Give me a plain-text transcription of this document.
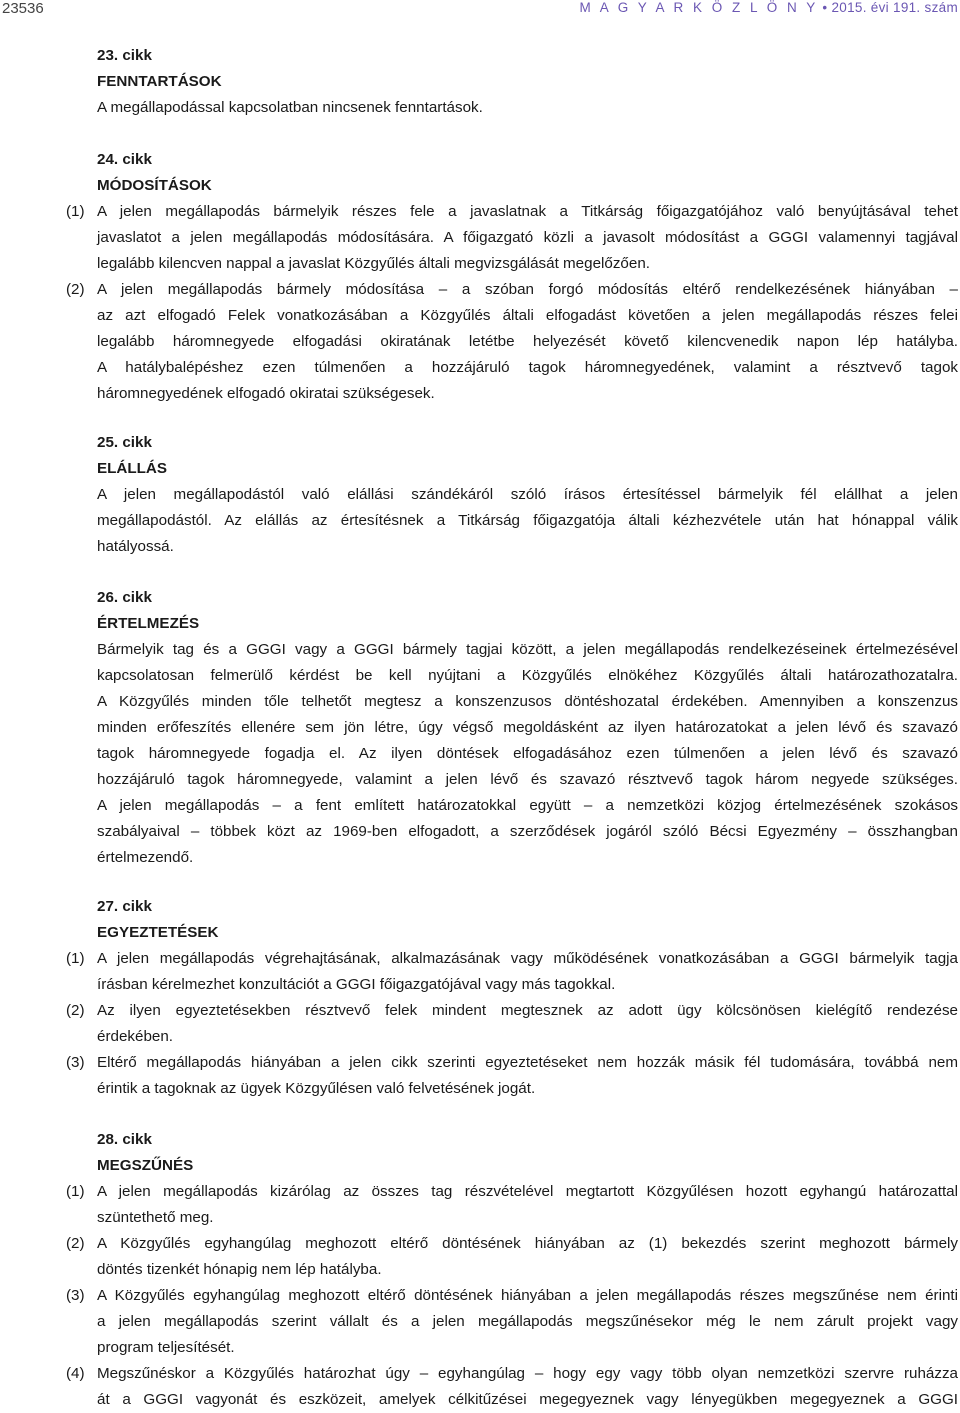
23536	M A G Y A R K Ö Z L Ö N Y • 2015. évi 191. szám
23. cikk
FENNTARTÁSOK
A megállapodással kapcsolatban nincsenek fenntartások.
24. cikk
MÓDOSÍTÁSOK
(1) A jelen megállapodás bármelyik részes fele a javaslatnak a Titkárság főigazgatójához való benyújtásával tehet
javaslatot a jelen megállapodás módosítására. A főigazgató közli a javasolt módosítást a GGGI valamennyi tagjával
legalább kilencven nappal a javaslat Közgyűlés általi megvizsgálását megelőzően.
(2) A jelen megállapodás bármely módosítása – a szóban forgó módosítás eltérő rendelkezésének hiányában –
az azt elfogadó Felek vonatkozásában a Közgyűlés általi elfogadást követően a jelen megállapodás részes felei
legalább háromnegyede elfogadási okiratának letétbe helyezését követő kilencvenedik napon lép hatályba.
A hatálybalépéshez ezen túlmenően a hozzájáruló tagok háromnegyedének, valamint a résztvevő tagok
háromnegyedének elfogadó okiratai szükségesek.
25. cikk
ELÁLLÁS
A jelen megállapodástól való elállási szándékáról szóló írásos értesítéssel bármelyik fél elállhat a jelen
megállapodástól. Az elállás az értesítésnek a Titkárság főigazgatója általi kézhezvétele után hat hónappal válik
hatályossá.
26. cikk
ÉRTELMEZÉS
Bármelyik tag és a GGGI vagy a GGGI bármely tagjai között, a jelen megállapodás rendelkezéseinek értelmezésével
kapcsolatosan felmerülő kérdést be kell nyújtani a Közgyűlés elnökéhez Közgyűlés általi határozathozatalra.
A Közgyűlés minden tőle telhetőt megtesz a konszenzusos döntéshozatal érdekében. Amennyiben a konszenzus
minden erőfeszítés ellenére sem jön létre, úgy végső megoldásként az ilyen határozatokat a jelen lévő és szavazó
tagok háromnegyede fogadja el. Az ilyen döntések elfogadásához ezen túlmenően a jelen lévő és szavazó
hozzájáruló tagok háromnegyede, valamint a jelen lévő és szavazó résztvevő tagok három negyede szükséges.
A jelen megállapodás – a fent említett határozatokkal együtt – a nemzetközi közjog értelmezésének szokásos
szabályaival – többek közt az 1969-ben elfogadott, a szerződések jogáról szóló Bécsi Egyezmény – összhangban
értelmezendő.
27. cikk
EGYEZTETÉSEK
(1) A jelen megállapodás végrehajtásának, alkalmazásának vagy működésének vonatkozásában a GGGI bármelyik tagja
írásban kérelmezhet konzultációt a GGGI főigazgatójával vagy más tagokkal.
(2) Az ilyen egyeztetésekben résztvevő felek mindent megtesznek az adott ügy kölcsönösen kielégítő rendezése
érdekében.
(3) Eltérő megállapodás hiányában a jelen cikk szerinti egyeztetéseket nem hozzák másik fél tudomására, továbbá nem
érintik a tagoknak az ügyek Közgyűlésen való felvetésének jogát.
28. cikk
MEGSZŰNÉS
(1) A jelen megállapodás kizárólag az összes tag részvételével megtartott Közgyűlésen hozott egyhangú határozattal
szüntethető meg.
(2) A Közgyűlés egyhangúlag meghozott eltérő döntésének hiányában az (1) bekezdés szerint meghozott bármely
döntés tizenkét hónapig nem lép hatályba.
(3) A Közgyűlés egyhangúlag meghozott eltérő döntésének hiányában a jelen megállapodás részes megszűnése nem érinti
a jelen megállapodás szerint vállalt és a jelen megállapodás megszűnésekor még le nem zárult projekt vagy
program teljesítését.
(4) Megszűnéskor a Közgyűlés határozhat úgy – egyhangúlag – hogy egy vagy több olyan nemzetközi szervre ruházza
át a GGGI vagyonát és eszközeit, amelyek célkitűzései megegyeznek vagy lényegükben megegyeznek a GGGI
